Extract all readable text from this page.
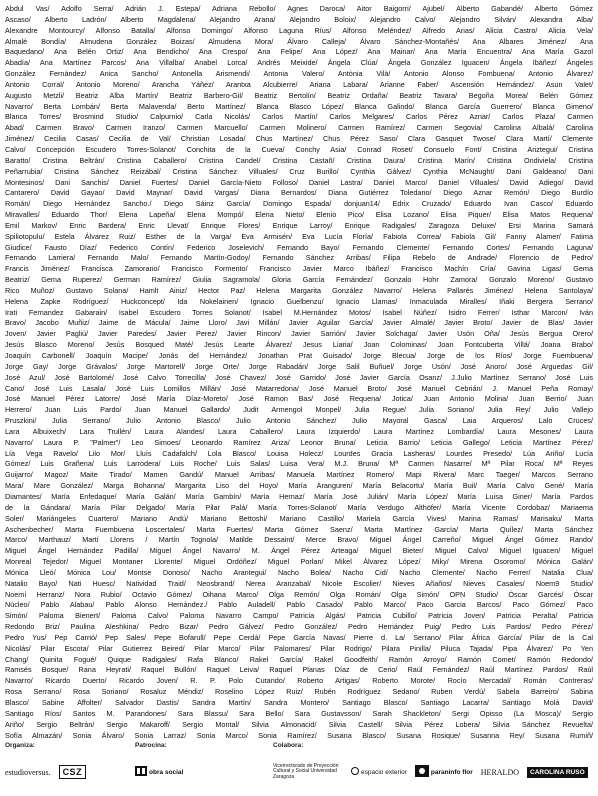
Abdul Vas/ Adolfo Serra/ Adrián J. Estepa/ Adriana Rebollo/ Agnes Daroca/ Aitor Baigorri/ Ajubel/ Alberto Gabandé/ Alberto Gómez
Ascaso/ Alberto Ladrón/ Alberto Magdalena/ Alejandro Arana/ Alejandro Boloix/ Alejandro Calvo/ Alejandro Silván/ Alexandra Alba/
Alexandre Montourcy/ Alfonso Batalla/ Alfonso Domingo/ Alfonso Laguna Ríus/ Alfonso Meléndez/ Alfredo Arias/ Alicia Castro/ Alicia Vela/
Almalé Bondía/ Almudena González Boizas/ Almudena Mora/ Álvaro Calleja/ Álvaro Sánchez-Montañés/ Ana Albares Jiménez/ Ana
Baquedano/ Ana Belén Ortiz/ Ana Bendicho/ Ana Crespo/ Ana Felipe/ Ana López/ Ana Mainar/ Ana María Encuentra/ Ana María Gazol
Abadía/ Ana Martínez Parcos/ Ana Villalba/ Anabel Lorca/ Andrés Meixide/ Ángela Clúa/ Ángela González Iguacen/ Ángela Ibáñez/ Ángeles
González Fernández/ Anica Sancho/ Antonella Arismendi/ Antonia Valero/ Antònia Vilà/ Antonio Alonso Fombuena/ Antonio Álvarez/
Antonio Corral/ Antonio Moreno/ Arancha Yáñez/ Arantxa Alcubierre/ Ariana Labara/ Arianne Faber/ Ascensión Hernández/ Asun Valet/
Augusto Metzli/ Beatriz Alba Martín/ Beatriz Barbero-Gil/ Beatriz Bertolín/ Beatriz Ordaña/ Beatriz Tavara/ Begoña Morea/ Belén Gómez
Navarro/ Berta Lombán/ Berta Malavenda/ Berto Martínez/ Blanca Blasco López/ Blanca Galindo/ Blanca García Guerrero/ Blanca Gimeno/
Blanca Torres/ Brosmind Studio/ Calpurnio/ Carla Nicolás/ Carlos Martín/ Carlos Melgares/ Carlos Pérez Aznar/ Carlos Plaza/ Carmen
Abad/ Carmen Bravo/ Carmen Iranzo/ Carmen Marcuello/ Carmen Molinero/ Carmen Ramírez/ Carmen Segovia/ Carolina Albalá/ Carolina
Jiménez/ Cecilia Casas/ Cecilia de Val/ Christian Losada/ Chus Martínez/ Chus Pérez Saso/ Clara Gasquet Twose/ Clara Martí/ Clemente
Calvo/ Concepción Escudero Torres-Solanot/ Conchita de la Cueva/ Conchy Asia/ Conrad Roset/ Consuelo Font/ Cristina Ariztegui/ Cristina
Baratto/ Cristina Beltrán/ Cristina Caballero/ Cristina Candel/ Cristina Castañ/ Cristina Daura/ Cristina Marín/ Cristina Ondiviela/ Cristina
Peñarrubia/ Cristina Sánchez Reizábal/ Cristina Sánchez Villuales/ Cruz Burillo/ Cynthia Gálvez/ Cynthia McNaught/ Dani Galdeano/ Dani
Montesinos/ Dani Sanchis/ Daniel Fuertes/ Daniel García-Nieto Folloso/ Daniel Lastra/ Daniel Marco/ Daniel Villuales/ David Adiego/ David
Cantarero/ David Gayao/ David Maynar/ David Vargas/ Diana Bernardos/ Diana Gutiérrez Toledano/ Diego Aznar Remón/ Diego Burdío
Román/ Diego Hernández Sancho./ Diego Sáinz García/ Domingo Espada/ donjuan14/ Edrix Cruzado/ Eduardo Ivan Casco/ Eduardo
Miravalles/ Eduardo Thor/ Elena Lapeña/ Elena Mompó/ Elena Nieto/ Elenio Pico/ Elisa Lozano/ Elisa Piquer/ Elisa Matos Requena/
Emil Markov/ Enric Bardera/ Enric Llevat/ Enrique Flores/ Enrique Larroy/ Enrique Radigales/ Zaragoza Deluxe/ Ersi Marina Samará
Spiliotopulu/ Estela Álvarez Ruiz/ Esther de la Varga/ Eva Armisén/ Eva Lucía Floría/ Fabiola Correa/ Fabiola Gil/ Fanny Alamer/ Fatima
Giudice/ Fausto Díaz/ Federico Contín/ Federico Joselevich/ Fernando Bayo/ Fernando Clemente/ Fernando Cortes/ Fernando Laguna/
Fernando Larriera/ Fernando Malo/ Fernando Martín-Godoy/ Fernando Sánchez Arribas/ Filipa Rebelo de Andrade/ Florencio de Pedro/
Francis Jiménez/ Francisca Zamorano/ Francisco Formento/ Francisco Javier Marco Ibáñez/ Francisco Machín Cría/ Gavina Ligas/ Gema
Beatriz/ Gema Ruperez/ German Ramírez/ Giulia Sagramola/ Gloria García Fernández/ Gonzalo Hohr Zamora/ Gonzalo Moreno/ Gustavo
Rico Muñoz/ Gustavo Solana/ Hamlt Ainiz/ Hector Paz/ Helena Margarita González Navarro/ Helena Pallarés Jiménez/ Helena Santolaya/
Helena Zapke Rodríguez/ Huckconcept/ Ida Nokelainen/ Ignacio Guelbenzu/ Ignacio Llamas/ Inmaculada Miralles/ Iñaki Bergera Serrano/
Irati Fernandez Gabarain/ Isabel Escudero Torres Solanot/ Isabel M.Hernández Motos/ Isabel Núñez/ Isidro Ferrer/ Isthar Marcon/ Iván
Bravo/ Jacobo Muñiz/ Jaime de Mácula/ Jaime Lloro/ Javi Millán/ Javier Aguilar García/ Javier Almalé/ Javier Broto/ Javier de Blas/ Javier
Joven/ Javier Pagliú/ Javier Paredes/ Javier Perez/ Javier Rincon/ Javier Sarrión/ Javier Solchaga/ Javier Usón Oña/ Jesús Bergua Orero/
Jesús Blasco Moreno/ Jesús Bosqued Maté/ Jesús Learte Álvarez/ Jesus Liaria/ Joan Colominas/ Joan Fontcuberta Villá/ Joana Brabo/
Joaquín Carbonell/ Joaquín Macipe/ Jonás del Hernández/ Jonathan Prat Guisado/ Jorge Blecua/ Jorge de los Ríos/ Jorge Fuembuena/
Jorge Gay/ Jorge Grávalos/ Jorge Martorell/ Jorge Orte/ Jorge Rabadán/ Jorge Salil Buñuel/ Jorge Usón/ José Anoro/ José Arguedas Gil/
José Azul/ José Bartolomé/ José Calvo Torrecilla/ José Chavez/ José Garrido/ José Javier García Osanz/ J.Julio Martínez Serrano/ José Luis
Cano/ José Luis Lasala/ José Luis Lomillos Millán/ José Matarredona/ José Manuel Broto/ José Manuel Cebrián/ J. Manuel Peña Romay/
José Manuel Pérez Latorre/ José María Díaz-Moreto/ José Ramon Bas/ José Requena/ Jotica/ Juan Antonio Molina/ Juan Berrio/ Juan
Herrero/ Juan Luis Pardo/ Juan Manuel Gallardo/ Judit Armengol Monpel/ Julia Regue/ Julia Soriano/ Julia Rey/ Julio Vallejo
Pruszkini/ Julia Serrano/ Julio Antonio Blasco/ Julio Antonio Sánchez/ Julio Mayoral Gasca/ Laia Arqueros/ Lalo Cruces/
Lara Albuixech/ Lara Trullén/ Laura Alandes/ Laura Caballero/ Laura Izquierdo/ Laura Martínez Lombardía/ Laura Mesones/ Laura
Navarro/ Laura P. "Palmer"/ Leo Simoes/ Leonardo Ramírez Ariza/ Leonor Bruna/ Leticia Barrio/ Leticia Gallego/ Leticia Martínez Pérez/
Lía Vega Ravelo/ Lilo Mor/ Lluís Cadafalch/ Lola Blasco/ Louisa Holecz/ Lourdes Gracia Lasheras/ Lourdes Presedo/ Lúa Ariño/ Lucía
Gómez/ Luis Grañena/ Luis Larrodera/ Luis Roche/ Luis Salas/ Luisa Vera/ M.J. Bruna/ Mª Carmen Nasarre/ Mª Pilar Roca/ Mª Reyes
Guijarro/ Magoz/ Maite Tirado/ Mamen Gandú/ Manuel Arribas/ Manuela Martínez Romero/ Mapi Rivera/ Marc Taeger/ Marcos Serrano
Mara/ Mare González/ Marga Bohanna/ Margarita Liso del Hoyo/ María Aranguren/ María Belacortu/ María Buil/ María Calvo Gené/ María
Diamantes/ María Enfedaque/ María Galán/ María Gambín/ María Hernaz/ María José Julián/ María López/ María Luisa Giner/ María Pardos
de la Gándara/ María Pilar Delgado/ María Pilar Palá/ María Torres-Solanot/ María Verdugo Althöfer/ María Vicente Cordobaz/ Mariaema
Soler/ Mariángeles Cuartero/ Mariano Andú/ Mariano Bettoshi/ Mariano Castillo/ Mariela García Vives/ Marina Ramas/ Marisaku/ Marta
Aschenbecher/ Marta Fuembuena Loscertales/ Marta Fuertes/ Marta Gómez Saenz/ Marta Martínez García/ Marta Quílez/ Marta Sánchez
Marco/ Marthauz/ Martí Llorens / Martín Tognola/ Matilde Dessaint/ Merce Bravo/ Miguel Ángel Carreño/ Miguel Ángel Gómez Rando/
Miguel Ángel Hernández Padilla/ Miguel Ángel Navarro/ M. Ángel Pérez Arteaga/ Miguel Bieter/ Miguel Calvo/ Miguel Iguacen/ Miguel
Monreal Tejedor/ Miguel Montaner Llorente/ Miguel Ordóñez/ Miguel Porlan/ Mikel Álvarez López/ Miky/ Mirena Osoromo/ Mónica Galán/
Mónica Lleó/ Mónica Lou/ Montse Donoso/ Nacho Arantegui/ Nacho Bolea/ Nacho Cid/ Nacho Clemente/ Nacho Ferrer/ Natalia Clua/
Natalio Bayo/ Nati Huesc/ Natividad Traid/ Neosbrand/ Nerea Aranzabal/ Nicole Escolier/ Nieves Añaños/ Nieves Casales/ Noem9 Studio/
Noemí Herranz/ Nora Rubio/ Octavio Gómez/ Oihana Marco/ Olga Remón/ Olga Román/ Olga Simón/ OPN Studio/ Óscar Garcés/ Óscar
Núcleo/ Pablo Alabau/ Pablo Alonso Hernández./ Pablo Auladell/ Pablo Casado/ Pablo Marco/ Paco Garcia Barcos/ Paco Gómez/ Paco
Simón/ Paloma Bienert/ Paloma Calvo/ Paloma Navarro Campo/ Patricia Algás/ Patricia Cubillo/ Patricia Joven/ Patricia Peralta/ Patricia
Redondo Briz/ Paulina Aleshkina/ Pedro Bizar/ Pedro Gálvez/ Pedro González/ Pedro Hernández Puig/ Pedro Luis Pardos/ Pedro Pérez/
Pedro Yus/ Pep Carrió/ Pep Sales/ Pepe Bofarull/ Pepe Cerdá/ Pepe García Navas/ Pierre d. La/ Serrano/ Pilar África García/ Pilar de la Cal
Nicolás/ Pilar Escota/ Pilar Gutierrez Beired/ Pilar Marco/ Pilar Palomares/ Pilar Rodrigo/ Pilara Pinilla/ Piluca Tajada/ Pipa Álvarez/ Po Yen
Chang/ Quinita Fogué/ Quique Radigales/ Rafa Blanco/ Rakel García/ Rakel Goodfeith/ Ramón Arroyo/ Ramón Comet/ Ramón Redondo/
Ramsés Bosque/ Rana Heyrati/ Raquel Bullón/ Raquel Leiva/ Raquel Planas Díaz de Cerio/ Raúl Fernández/ Raúl Martínez Pardos/ Raúl
Navarro/ Ricardo Duerto/ Ricardo Joven/ R. P. Polo Cutando/ Roberto Artigas/ Roberto Morote/ Rocío Mercadal/ Román Contreras/
Rosa Serrano/ Rosa Soriano/ Rosaluz Méndiz/ Roselino López Ruiz/ Rubén Rodríguez Sedano/ Ruben Verdú/ Sabela Barreiro/ Sabina
Blasco/ Sabine Affolter/ Salvador Dastis/ Sandra Martín/ Sandra Montero/ Santiago Blasco/ Santiago Lacarra/ Santiago Molà David/
Santiago Ríos/ Santos M. Parandones/ Sara Blassu/ Sara Bello/ Sara Gustavsson/ Sarah Shackleton/ Sergi Opisso (La Mosca)/ Sergio
Ariño/ Sergio Beltrán/ Sergio Makaroff/ Sergio Montal/ Silvia Almonacid/ Silvia Castell/ Silvia Pérez Lobera/ Silvia Sánchez Revuelta/
Sofía Almazán/ Sonia Álvaro/ Sonia Larraz/ Sonia Marco/ Sonia Ramírez/ Susana Blasco/ Susana Rosique/ Susanna Rey/ Susana Rumiñ/
Organiza:
estudioversus.	CSZ
Patrocina:
obra social
Colabora:
Vicerrectorado de Proyección Cultural y Social Universidad Zaragoza
espacio exterior	paraninfo flor HERALDO	CAROLINA RUSO
